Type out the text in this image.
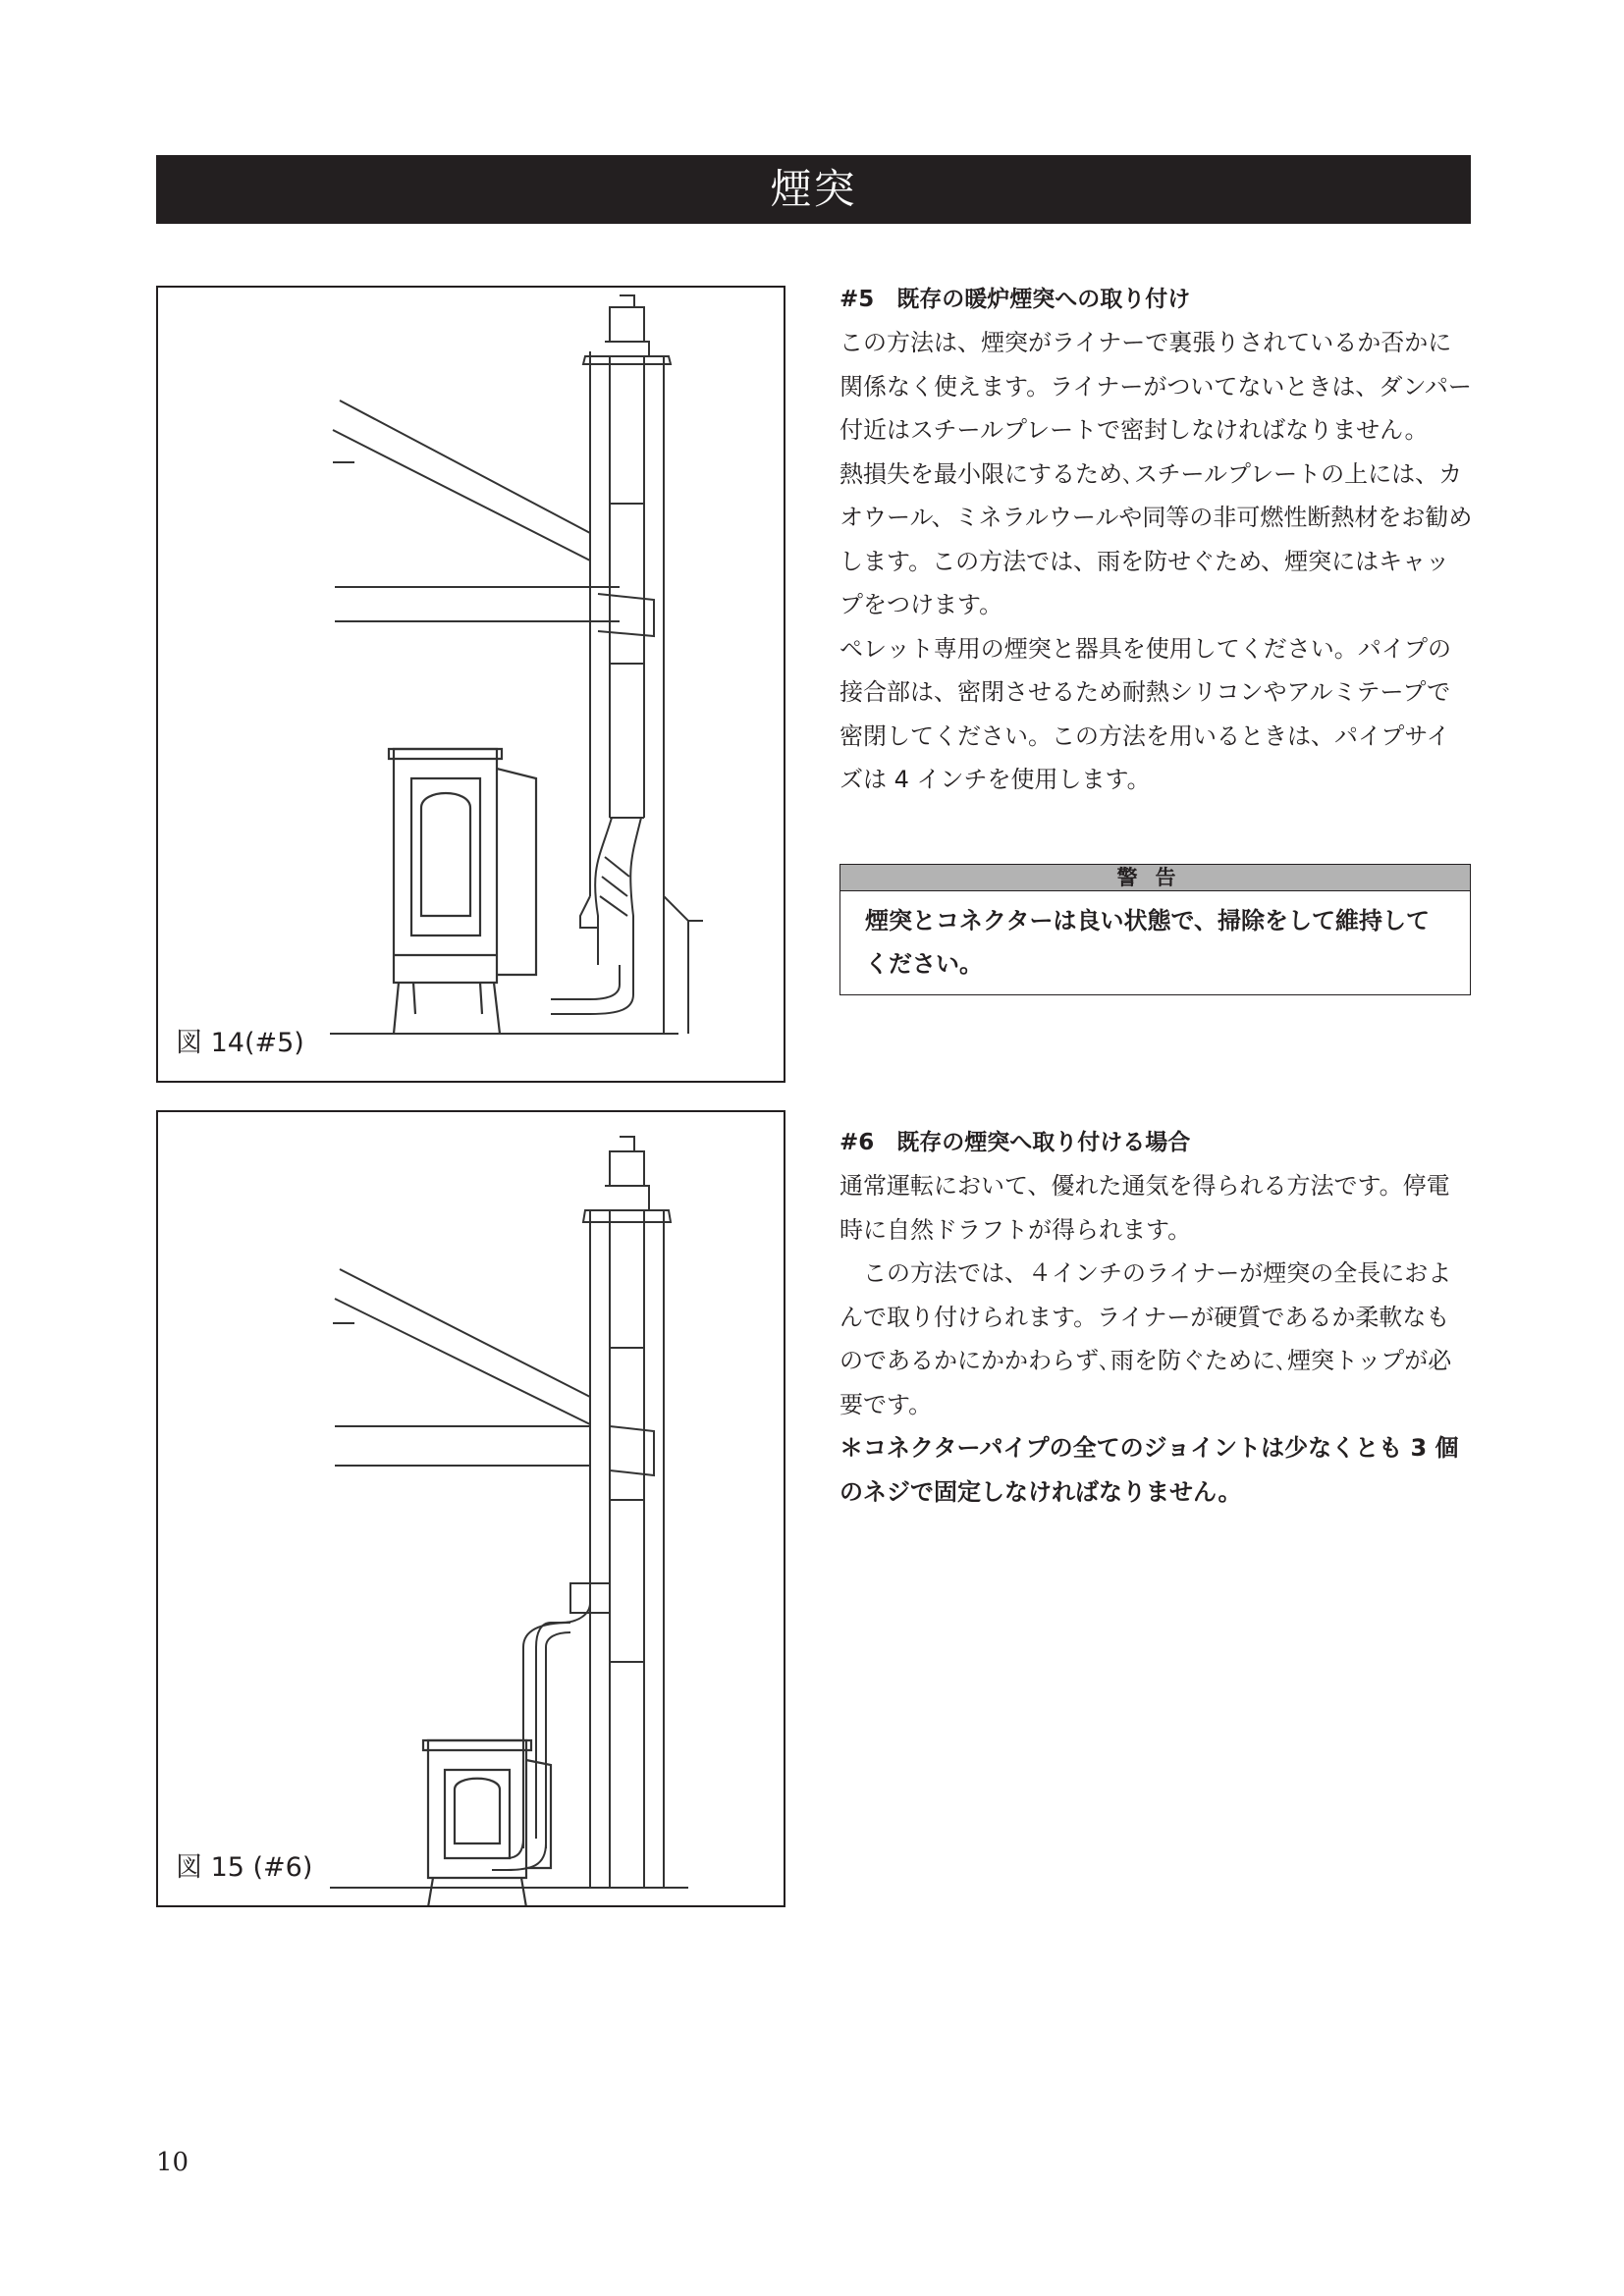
煙突
図 14(#5)
図 15 (#6)

#5　既存の暖炉煙突への取り付け

この方法は、煙突がライナーで裏張りされているか否かに関係なく使えます。ライナーがついてないときは、ダンパー付近はスチールプレートで密封しなければなりません。

熱損失を最小限にするため､スチールプレートの上には、カオウール、ミネラルウールや同等の非可燃性断熱材をお勧めします。この方法では、雨を防せぐため、煙突にはキャップをつけます。

ペレット専用の煙突と器具を使用してください。パイプの接合部は、密閉させるため耐熱シリコンやアルミテープで密閉してください。この方法を用いるときは、パイプサイズは 4 インチを使用します。

警告
煙突とコネクターは良い状態で、掃除をして維持してください。

#6　既存の煙突へ取り付ける場合

通常運転において、優れた通気を得られる方法です。停電時に自然ドラフトが得られます。

この方法では、４インチのライナーが煙突の全長におよんで取り付けられます。ライナーが硬質であるか柔軟なものであるかにかかわらず､雨を防ぐために､煙突トップが必要です。

＊コネクターパイプの全てのジョイントは少なくとも 3 個のネジで固定しなければなりません。

10
